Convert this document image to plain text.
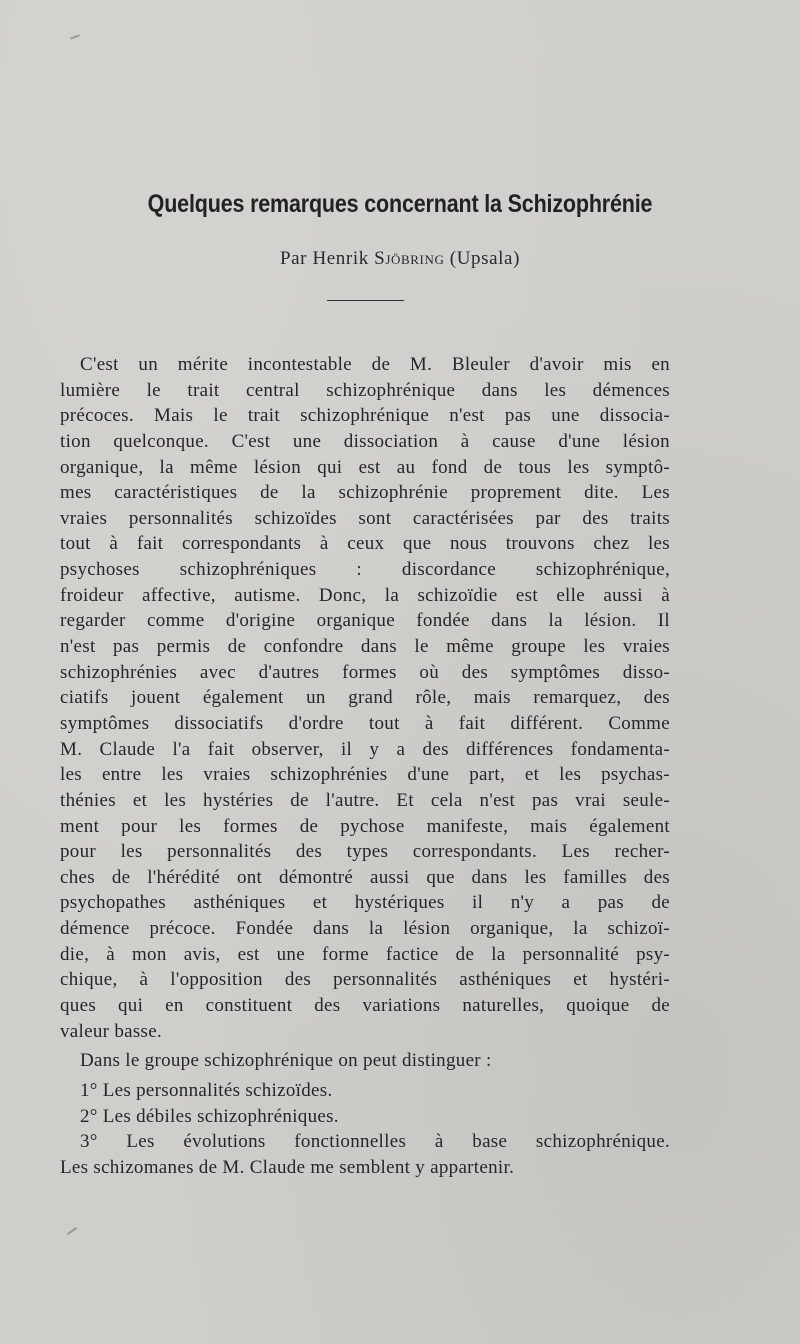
Quelques remarques concernant la Schizophrénie
Par Henrik Sjöbring (Upsala)
C'est un mérite incontestable de M. Bleuler d'avoir mis en
lumière le trait central schizophrénique dans les démences
précoces. Mais le trait schizophrénique n'est pas une dissocia-
tion quelconque. C'est une dissociation à cause d'une lésion
organique, la même lésion qui est au fond de tous les symptô-
mes caractéristiques de la schizophrénie proprement dite. Les
vraies personnalités schizoïdes sont caractérisées par des traits
tout à fait correspondants à ceux que nous trouvons chez les
psychoses schizophréniques : discordance schizophrénique,
froideur affective, autisme. Donc, la schizoïdie est elle aussi à
regarder comme d'origine organique fondée dans la lésion. Il
n'est pas permis de confondre dans le même groupe les vraies
schizophrénies avec d'autres formes où des symptômes disso-
ciatifs jouent également un grand rôle, mais remarquez, des
symptômes dissociatifs d'ordre tout à fait différent. Comme
M. Claude l'a fait observer, il y a des différences fondamenta-
les entre les vraies schizophrénies d'une part, et les psychas-
thénies et les hystéries de l'autre. Et cela n'est pas vrai seule-
ment pour les formes de pychose manifeste, mais également
pour les personnalités des types correspondants. Les recher-
ches de l'hérédité ont démontré aussi que dans les familles des
psychopathes asthéniques et hystériques il n'y a pas de
démence précoce. Fondée dans la lésion organique, la schizoï-
die, à mon avis, est une forme factice de la personnalité psy-
chique, à l'opposition des personnalités asthéniques et hystéri-
ques qui en constituent des variations naturelles, quoique de
valeur basse.
Dans le groupe schizophrénique on peut distinguer :
1° Les personnalités schizoïdes.
2° Les débiles schizophréniques.
3° Les évolutions fonctionnelles à base schizophrénique.
Les schizomanes de M. Claude me semblent y appartenir.
